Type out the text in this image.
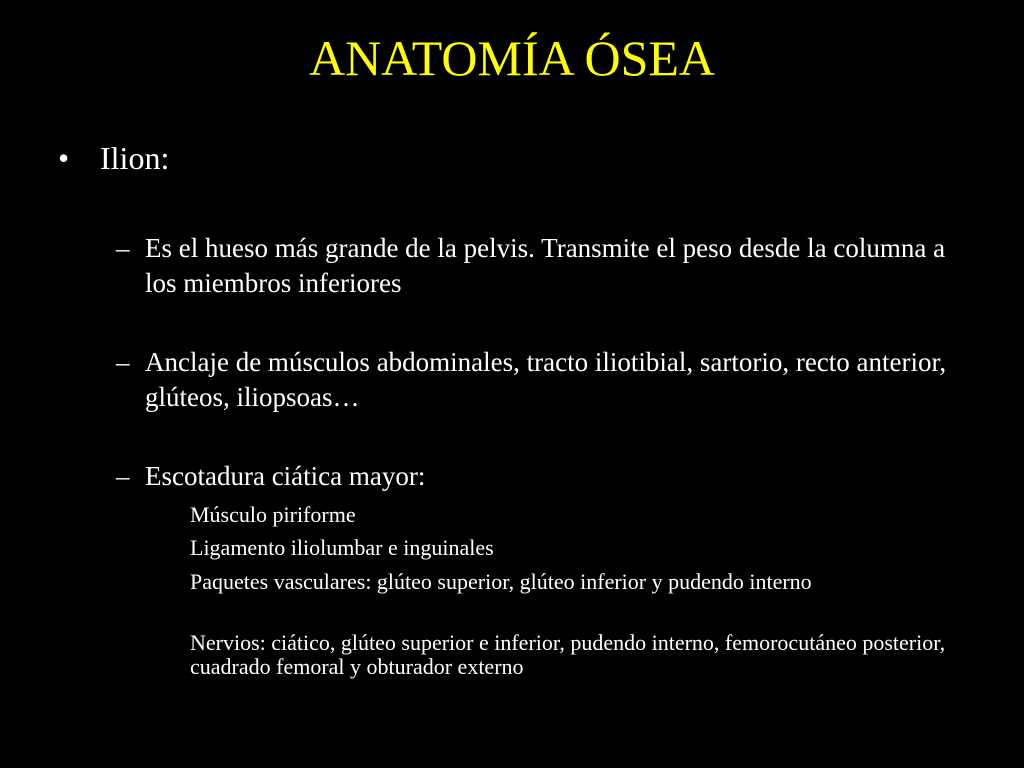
ANATOMÍA ÓSEA
• Ilion:
– Es el hueso más grande de la pelvis. Transmite el peso desde la columna a los miembros inferiores
– Anclaje de músculos abdominales, tracto iliotibial, sartorio, recto anterior, glúteos, iliopsoas…
– Escotadura ciática mayor:
Músculo piriforme
Ligamento iliolumbar e inguinales
Paquetes vasculares: glúteo superior, glúteo inferior y pudendo interno
Nervios: ciático, glúteo superior e inferior, pudendo interno, femorocutáneo posterior, cuadrado femoral y obturador externo
